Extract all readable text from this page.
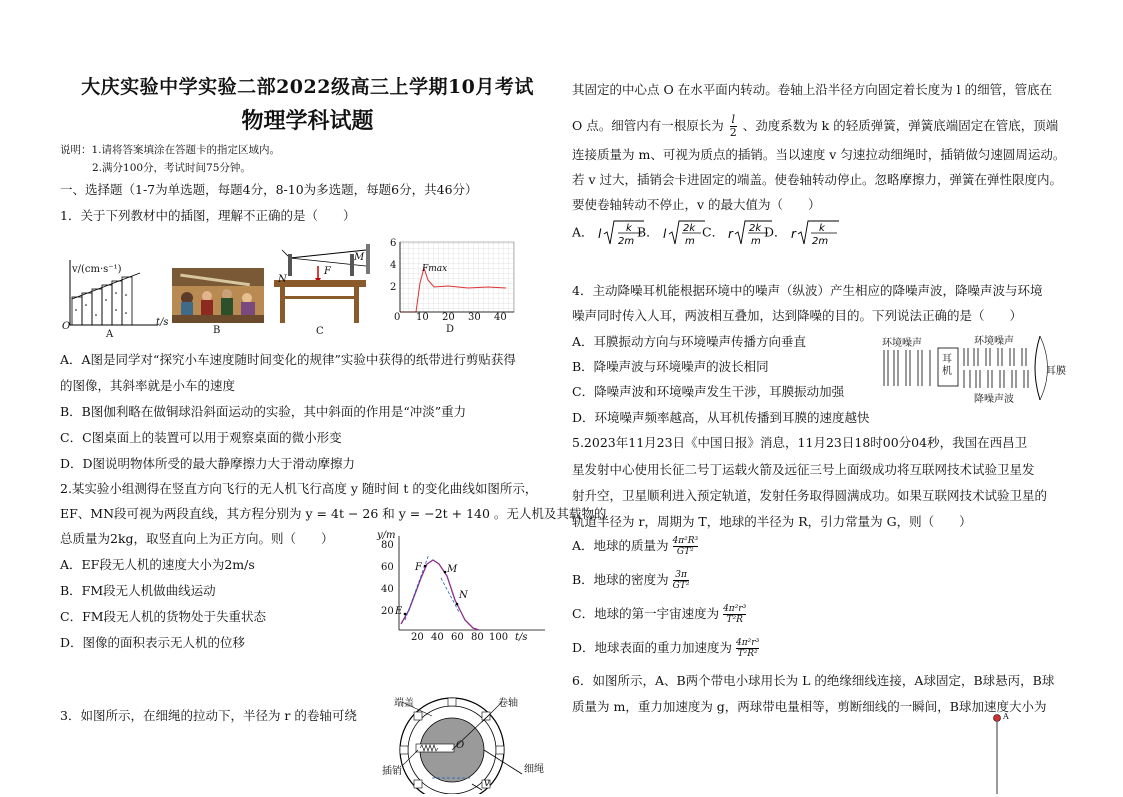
大庆实验中学实验二部2022级高三上学期10月考试
物理学科试题
说明：1.请将答案填涂在答题卡的指定区域内。
2.满分100分，考试时间75分钟。
一、选择题（1-7为单选题，每题4分，8-10为多选题，每题6分，共46分）
1．关于下列教材中的插图，理解不正确的是（　　）
v/(cm·s⁻¹)
t/s
O
A	B
N
M
F
C
Fmax
6
4
2
0 10 20 30 40
D
A．A图是同学对“探究小车速度随时间变化的规律”实验中获得的纸带进行剪贴获得
的图像，其斜率就是小车的速度
B．B图伽利略在做铜球沿斜面运动的实验，其中斜面的作用是“冲淡”重力
C．C图桌面上的装置可以用于观察桌面的微小形变
D．D图说明物体所受的最大静摩擦力大于滑动摩擦力
2.某实验小组测得在竖直方向飞行的无人机飞行高度 y 随时间 t 的变化曲线如图所示，
EF、MN段可视为两段直线，其方程分别为 y = 4t − 26 和 y = −2t + 140 。无人机及其载物的
总质量为2kg，取竖直向上为正方向。则（　　）
A．EF段无人机的速度大小为2m/s
B．FM段无人机做曲线运动
C．FM段无人机的货物处于失重状态
D．图像的面积表示无人机的位移
y/m
80
60
40
20
20 40 60 80 100 t/s
E
F	M
N
3．如图所示，在细绳的拉动下，半径为 r 的卷轴可绕
端盖	卷轴
插销	细绳
O
v
其固定的中心点 O 在水平面内转动。卷轴上沿半径方向固定着长度为 l 的细管，管底在
O 点。细管内有一根原长为 $\frac{l}{2}$ 、劲度系数为 k 的轻质弹簧，弹簧底端固定在管底，顶端
连接质量为 m、可视为质点的插销。当以速度 v 匀速拉动细绳时，插销做匀速圆周运动。
若 v 过大，插销会卡进固定的端盖。使卷轴转动停止。忽略摩擦力，弹簧在弹性限度内。
要使卷轴转动不停止，v 的最大值为（　　）
A． l k
2m
B． l 2k
m
C． r 2k
m
D． r k
2m
4．主动降噪耳机能根据环境中的噪声（纵波）产生相应的降噪声波，降噪声波与环境
噪声同时传入人耳，两波相互叠加，达到降噪的目的。下列说法正确的是（　　）
A．耳膜振动方向与环境噪声传播方向垂直
B．降噪声波与环境噪声的波长相同
C．降噪声波和环境噪声发生干涉，耳膜振动加强
D．环境噪声频率越高，从耳机传播到耳膜的速度越快
环境噪声	环境噪声
耳机	耳膜
降噪声波
5.2023年11月23日《中国日报》消息，11月23日18时00分04秒，我国在西昌卫
星发射中心使用长征二号丁运载火箭及远征三号上面级成功将互联网技术试验卫星发
射升空，卫星顺利进入预定轨道，发射任务取得圆满成功。如果互联网技术试验卫星的
轨道半径为 r，周期为 T，地球的半径为 R，引力常量为 G，则（　　）
A．地球的质量为 $\frac{\text{4π²R³}}{\text{GT²}}$
B．地球的密度为 $\frac{3\pi}{\text{GT²}}$
C．地球的第一宇宙速度为 $\frac{\text{4π²r³}}{\text{T²R}}$
D．地球表面的重力加速度为 $\frac{\text{4π²r³}}{\text{T²R²}}$
6．如图所示，A、B两个带电小球用长为 L 的绝缘细线连接，A球固定，B球悬丙，B球
质量为 m，重力加速度为 g，两球带电量相等，剪断细线的一瞬间，B球加速度大小为
A
